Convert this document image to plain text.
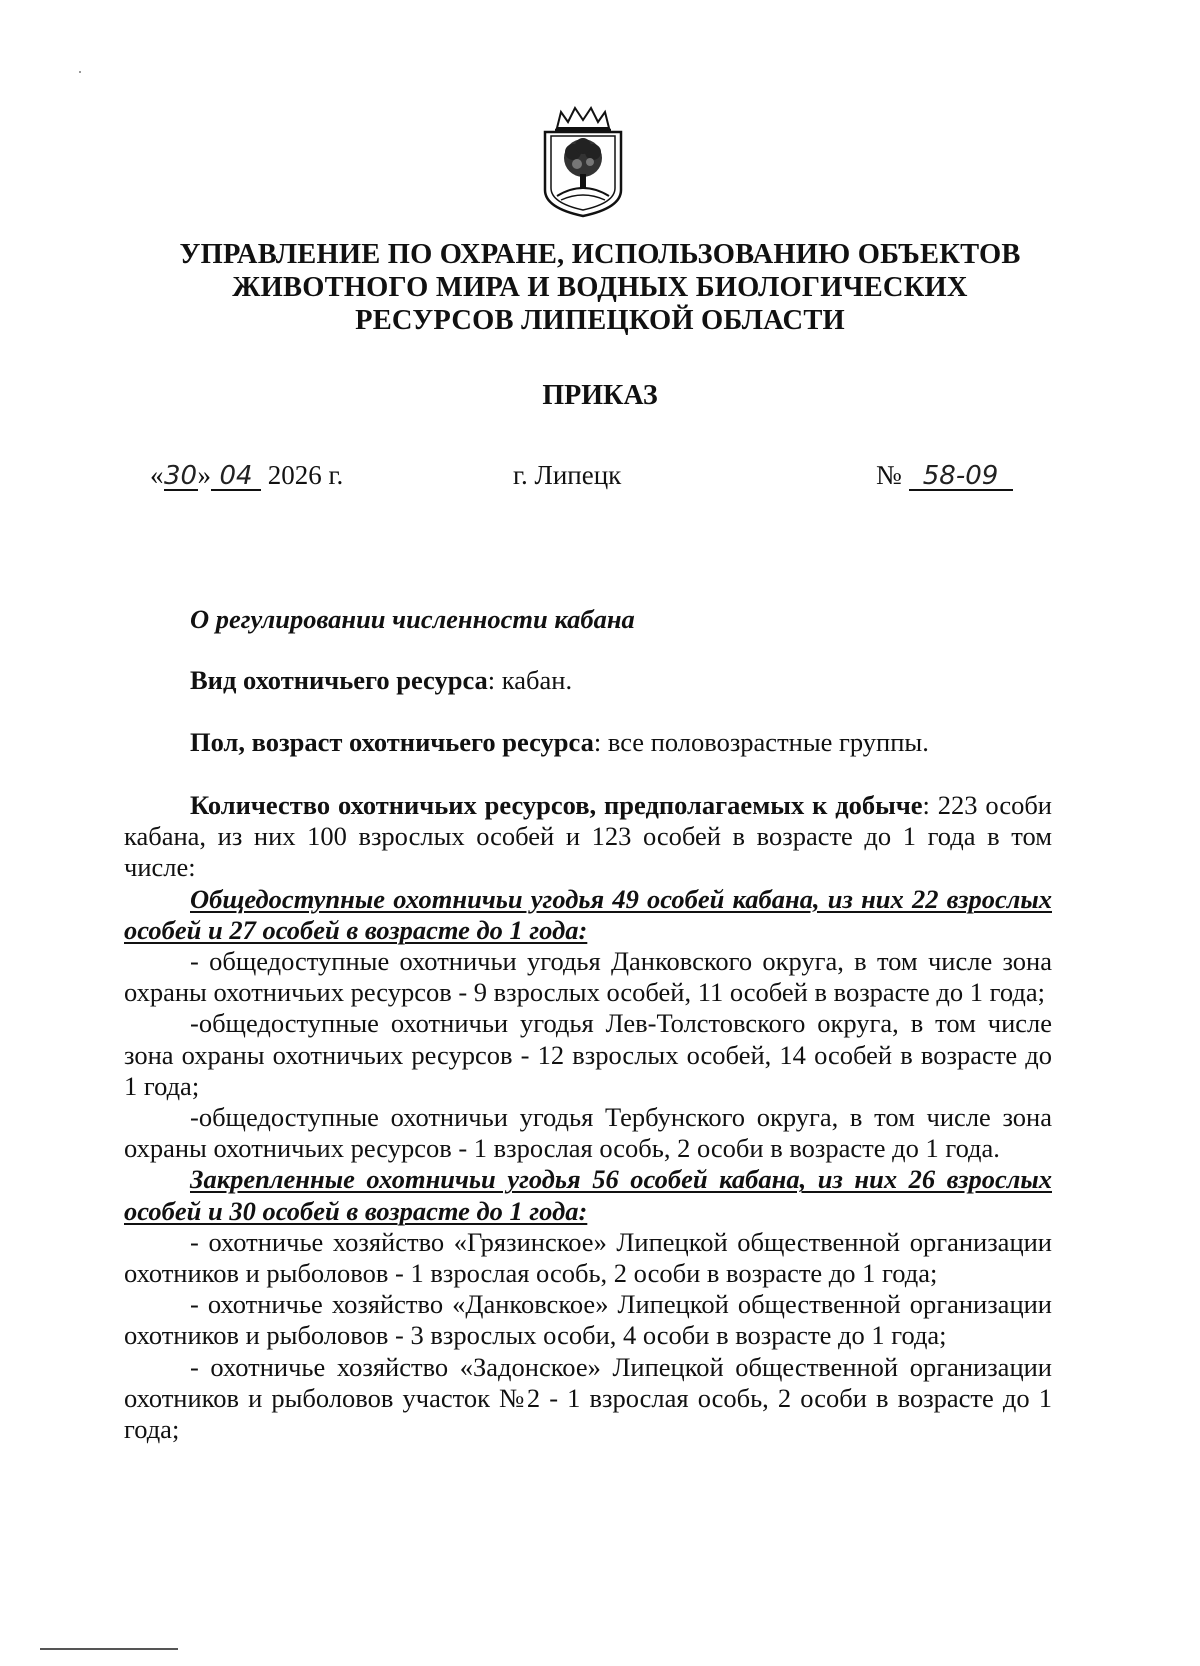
УПРАВЛЕНИЕ ПО ОХРАНЕ, ИСПОЛЬЗОВАНИЮ ОБЪЕКТОВ
ЖИВОТНОГО МИРА И ВОДНЫХ БИОЛОГИЧЕСКИХ
РЕСУРСОВ ЛИПЕЦКОЙ ОБЛАСТИ
ПРИКАЗ
«30» 04 2026 г.	г. Липецк	№ 58-09
О регулировании численности кабана
Вид охотничьего ресурса: кабан.
Пол, возраст охотничьего ресурса: все половозрастные группы.

Количество охотничьих ресурсов, предполагаемых к добыче: 223 особи кабана, из них 100 взрослых особей и 123 особей в возрасте до 1 года в том числе:

Общедоступные охотничьи угодья 49 особей кабана, из них 22 взрослых особей и 27 особей в возрасте до 1 года:

- общедоступные охотничьи угодья Данковского округа, в том числе зона охраны охотничьих ресурсов - 9 взрослых особей, 11 особей в возрасте до 1 года;

-общедоступные охотничьи угодья Лев-Толстовского округа, в том числе зона охраны охотничьих ресурсов - 12 взрослых особей, 14 особей в возрасте до 1 года;

-общедоступные охотничьи угодья Тербунского округа, в том числе зона охраны охотничьих ресурсов - 1 взрослая особь, 2 особи в возрасте до 1 года.

Закрепленные охотничьи угодья 56 особей кабана, из них 26 взрослых особей и 30 особей в возрасте до 1 года:

- охотничье хозяйство «Грязинское» Липецкой общественной организации охотников и рыболовов - 1 взрослая особь, 2 особи в возрасте до 1 года;

- охотничье хозяйство «Данковское» Липецкой общественной организации охотников и рыболовов - 3 взрослых особи, 4 особи в возрасте до 1 года;

- охотничье хозяйство «Задонское» Липецкой общественной организации охотников и рыболовов участок №2 - 1 взрослая особь, 2 особи в возрасте до 1 года;
